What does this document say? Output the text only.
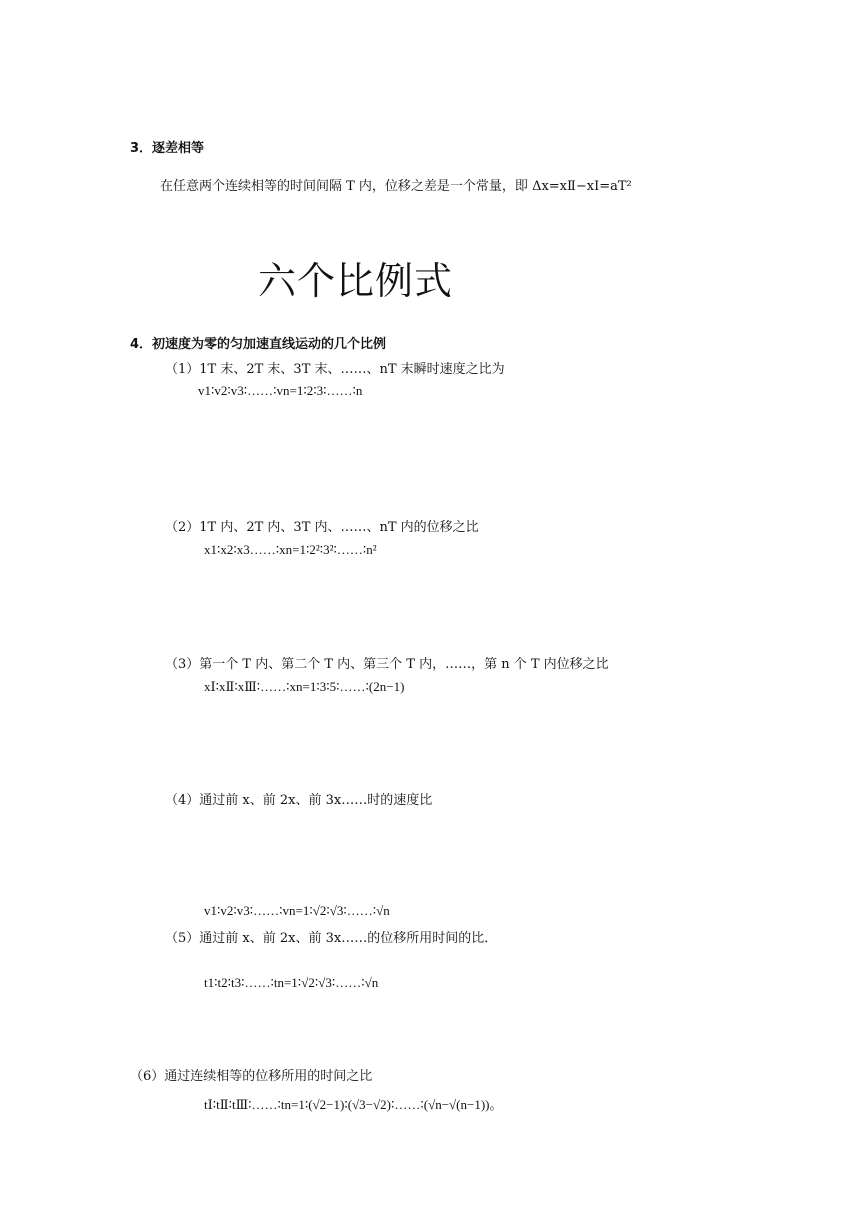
3．逐差相等
在任意两个连续相等的时间间隔 T 内，位移之差是一个常量，即 Δx=xⅡ−xⅠ=aT²
六个比例式
4．初速度为零的匀加速直线运动的几个比例
（1）1T 末、2T 末、3T 末、……、nT 末瞬时速度之比为
v1∶v2∶v3∶……∶vn=1∶2∶3∶……∶n
（2）1T 内、2T 内、3T 内、……、nT 内的位移之比
x1∶x2∶x3……∶xn=1∶2²∶3²∶……∶n²
（3）第一个 T 内、第二个 T 内、第三个 T 内，……，第 n 个 T 内位移之比
xⅠ∶xⅡ∶xⅢ∶……∶xn=1∶3∶5∶……∶(2n−1)
（4）通过前 x、前 2x、前 3x……时的速度比
v1∶v2∶v3∶……∶vn=1∶√2∶√3∶……∶√n
（5）通过前 x、前 2x、前 3x……的位移所用时间的比．
t1∶t2∶t3∶……∶tn=1∶√2∶√3∶……∶√n
（6）通过连续相等的位移所用的时间之比
tⅠ∶tⅡ∶tⅢ∶……∶tn=1∶(√2−1)∶(√3−√2)∶……∶(√n−√(n−1))。
